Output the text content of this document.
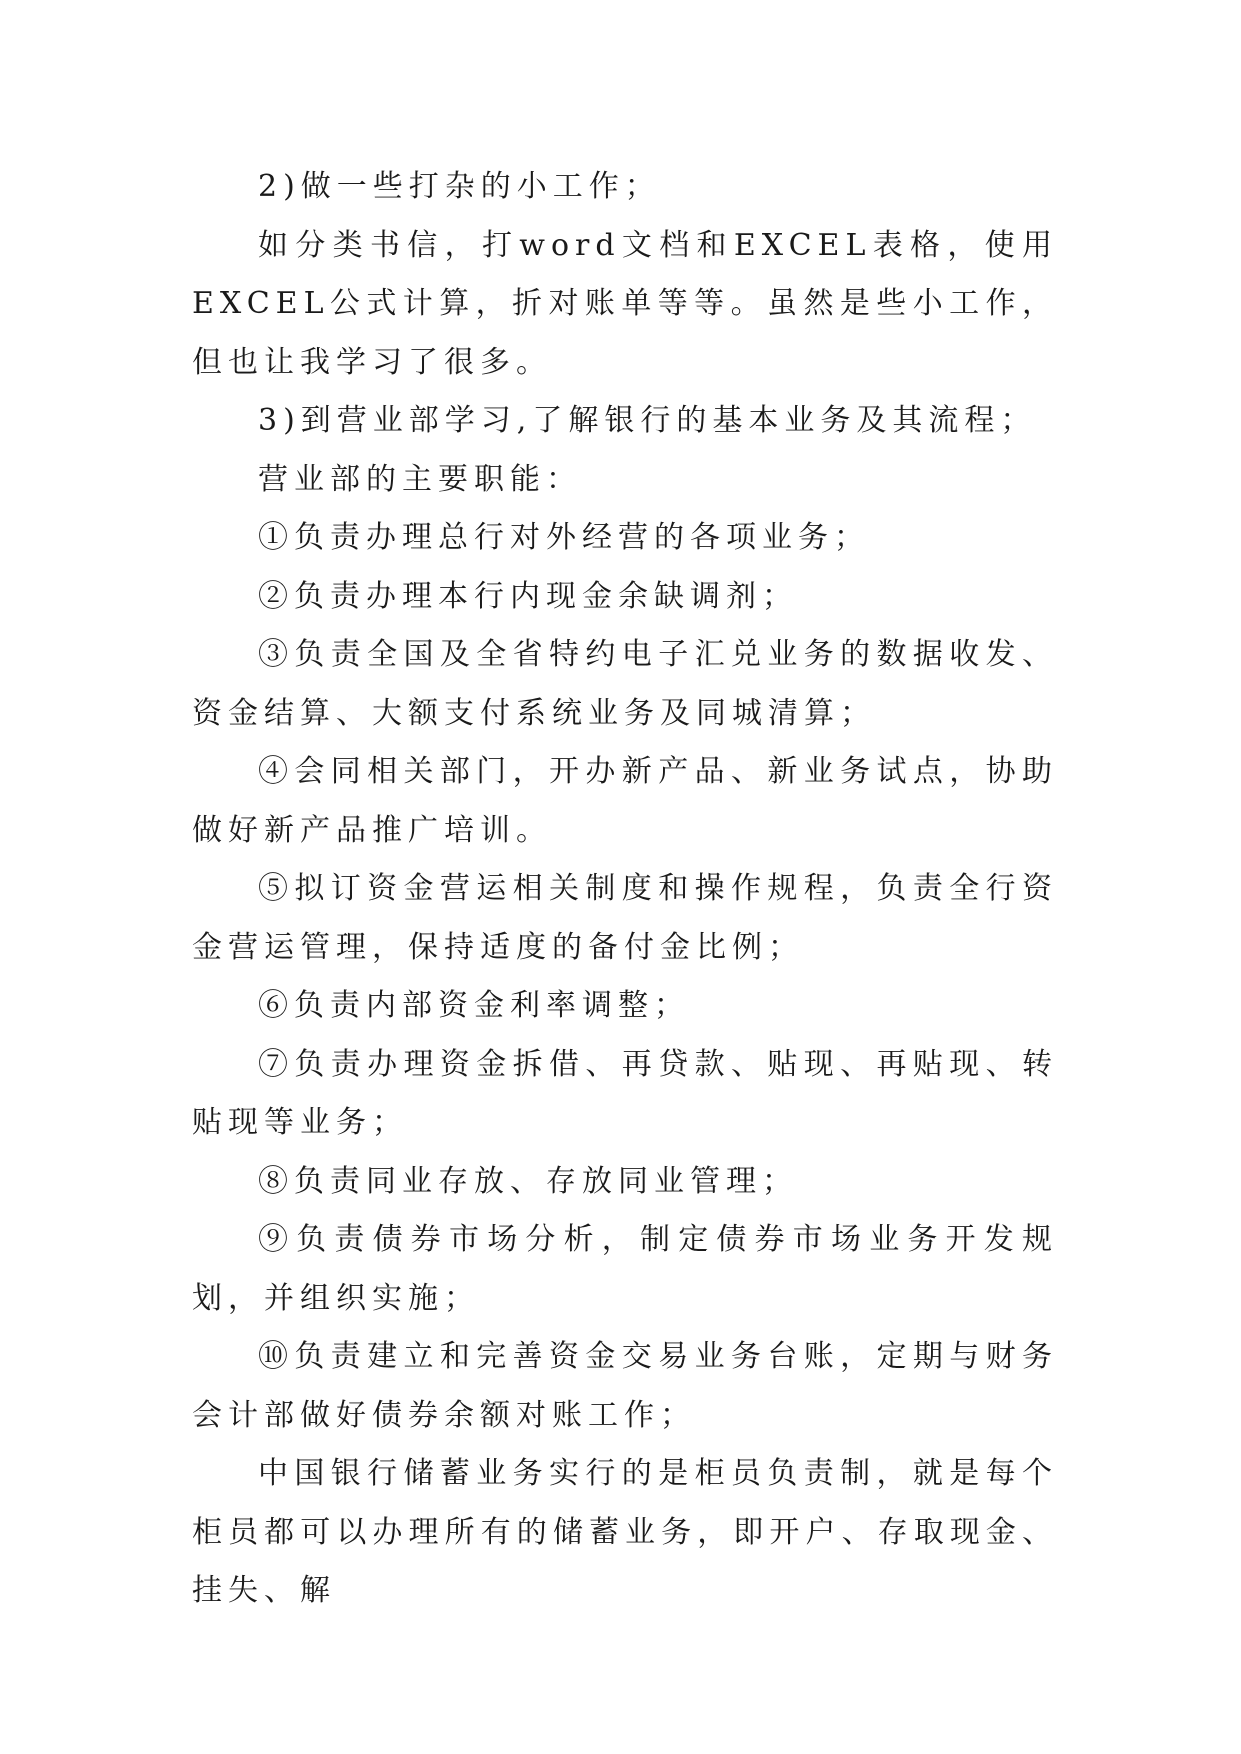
2)做一些打杂的小工作；

如分类书信，打word文档和EXCEL表格，使用EXCEL公式计算，折对账单等等。虽然是些小工作，但也让我学习了很多。

3)到营业部学习,了解银行的基本业务及其流程；

营业部的主要职能：

①负责办理总行对外经营的各项业务；

②负责办理本行内现金余缺调剂；

③负责全国及全省特约电子汇兑业务的数据收发、资金结算、大额支付系统业务及同城清算；

④会同相关部门，开办新产品、新业务试点，协助做好新产品推广培训。

⑤拟订资金营运相关制度和操作规程，负责全行资金营运管理，保持适度的备付金比例；

⑥负责内部资金利率调整；

⑦负责办理资金拆借、再贷款、贴现、再贴现、转贴现等业务；

⑧负责同业存放、存放同业管理；

⑨负责债券市场分析，制定债券市场业务开发规划，并组织实施；

⑩负责建立和完善资金交易业务台账，定期与财务会计部做好债券余额对账工作；

中国银行储蓄业务实行的是柜员负责制，就是每个柜员都可以办理所有的储蓄业务，即开户、存取现金、挂失、解
